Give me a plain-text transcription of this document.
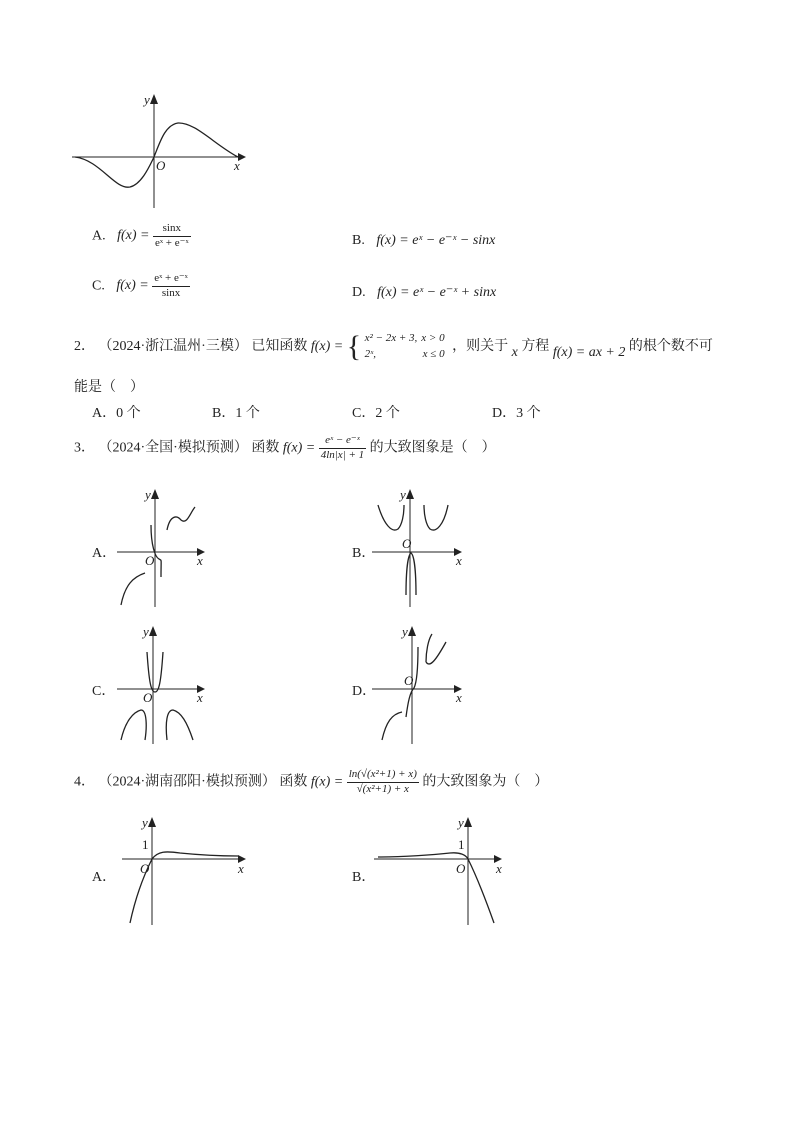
y
x
O
A. $f(x) = \frac{\sin x}{\text{eˣ + e⁻ˣ}}$	B. f(x) = eˣ − e⁻ˣ − sinx
C. $f(x) = \frac{\text{eˣ + e⁻ˣ}}{\sin x}$	D. f(x) = eˣ − e⁻ˣ + sinx
2． （2024·浙江温州·三模） 已知函数 f(x) = { x² − 2x + 3,	x > 0
2ˣ,	x ≤ 0 ，则关于 x 方程 f(x) = ax + 2 的根个数不可
能是（　）
A．0 个	B．1 个	C．2 个	D．3 个
3． （2024·全国·模拟预测） 函数 $f(x) = \frac{\text{eˣ − e⁻ˣ}}{4\ln|x| + 1}$ 的大致图象是（　）
A．
y
x
O	B．
y
x
O
C．
y
x
O	D．
y
x
O
4． （2024·湖南邵阳·模拟预测） 函数 $f(x) = \frac{\text{ln(√(x²+1) + x)}}{\text{√(x²+1) + x}}$ 的大致图象为（　）
A．
y
1
x
O
B．
y
1
x
O
